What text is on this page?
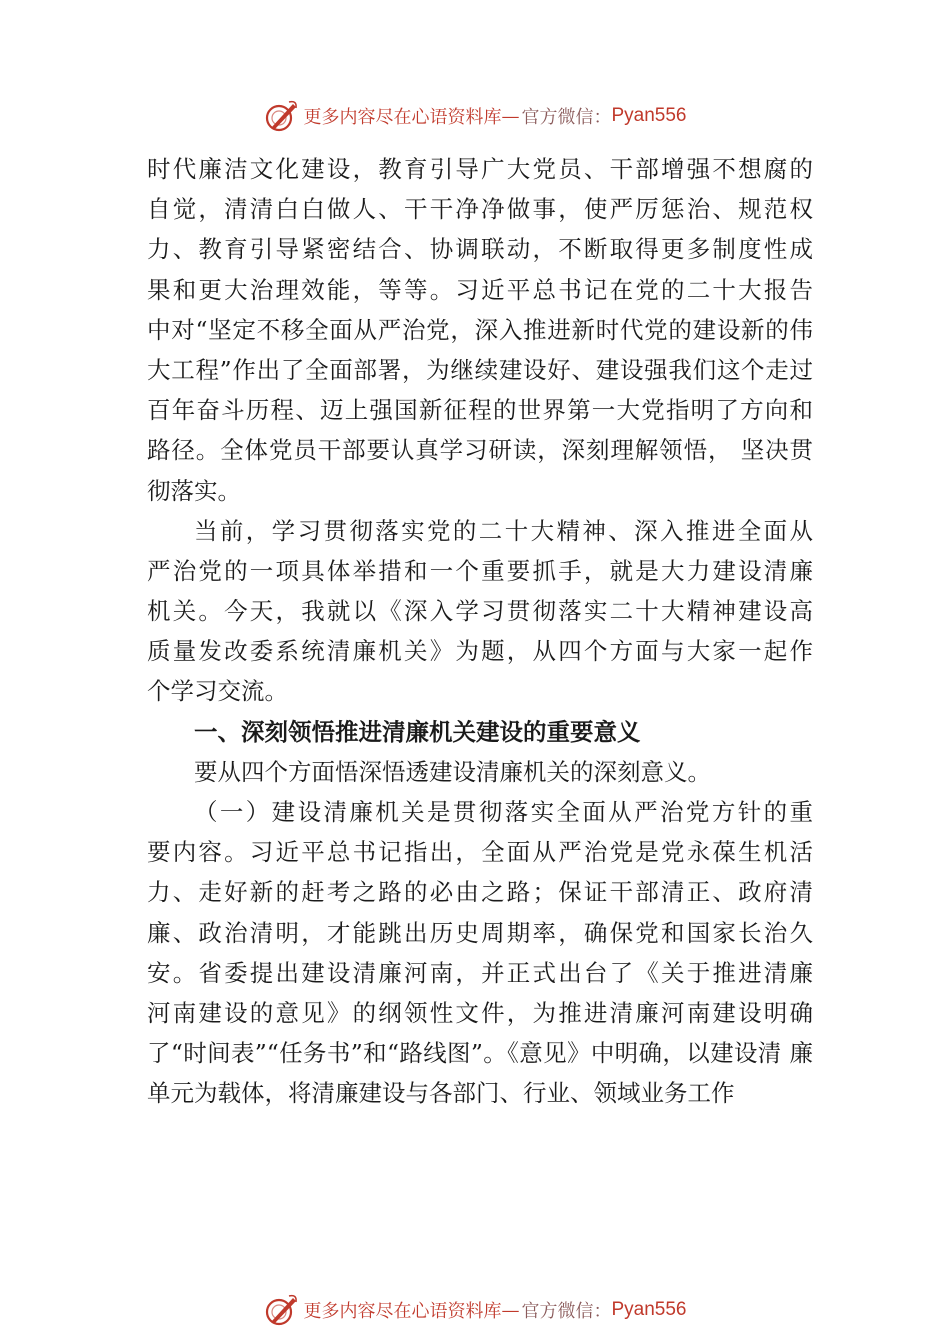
更多内容尽在心语资料库 — 官方微信： Pyan556
时代廉洁文化建设，教育引导广大党员、干部增强不想腐的
自觉，清清白白做人、干干净净做事，使严厉惩治、规范权
力、教育引导紧密结合、协调联动，不断取得更多制度性成
果和更大治理效能，等等。习近平总书记在党的二十大报告
中对“坚定不移全面从严治党，深入推进新时代党的建设新的伟
大工程”作出了全面部署，为继续建设好、建设强我们这个走过
百年奋斗历程、迈上强国新征程的世界第一大党指明了方向和
路径。全体党员干部要认真学习研读，深刻理解领悟， 坚决贯
彻落实。
当前，学习贯彻落实党的二十大精神、深入推进全面从
严治党的一项具体举措和一个重要抓手，就是大力建设清廉
机关。今天，我就以《深入学习贯彻落实二十大精神建设高
质量发改委系统清廉机关》为题，从四个方面与大家一起作
个学习交流。
一、深刻领悟推进清廉机关建设的重要意义
要从四个方面悟深悟透建设清廉机关的深刻意义。
（一）建设清廉机关是贯彻落实全面从严治党方针的重
要内容。习近平总书记指出，全面从严治党是党永葆生机活
力、走好新的赶考之路的必由之路；保证干部清正、政府清
廉、政治清明，才能跳出历史周期率，确保党和国家长治久
安。省委提出建设清廉河南，并正式出台了《关于推进清廉
河南建设的意见》的纲领性文件，为推进清廉河南建设明确
了“时间表”“任务书”和“路线图”。《意见》中明确，以建设清 廉
单元为载体，将清廉建设与各部门、行业、领域业务工作
更多内容尽在心语资料库 — 官方微信： Pyan556
